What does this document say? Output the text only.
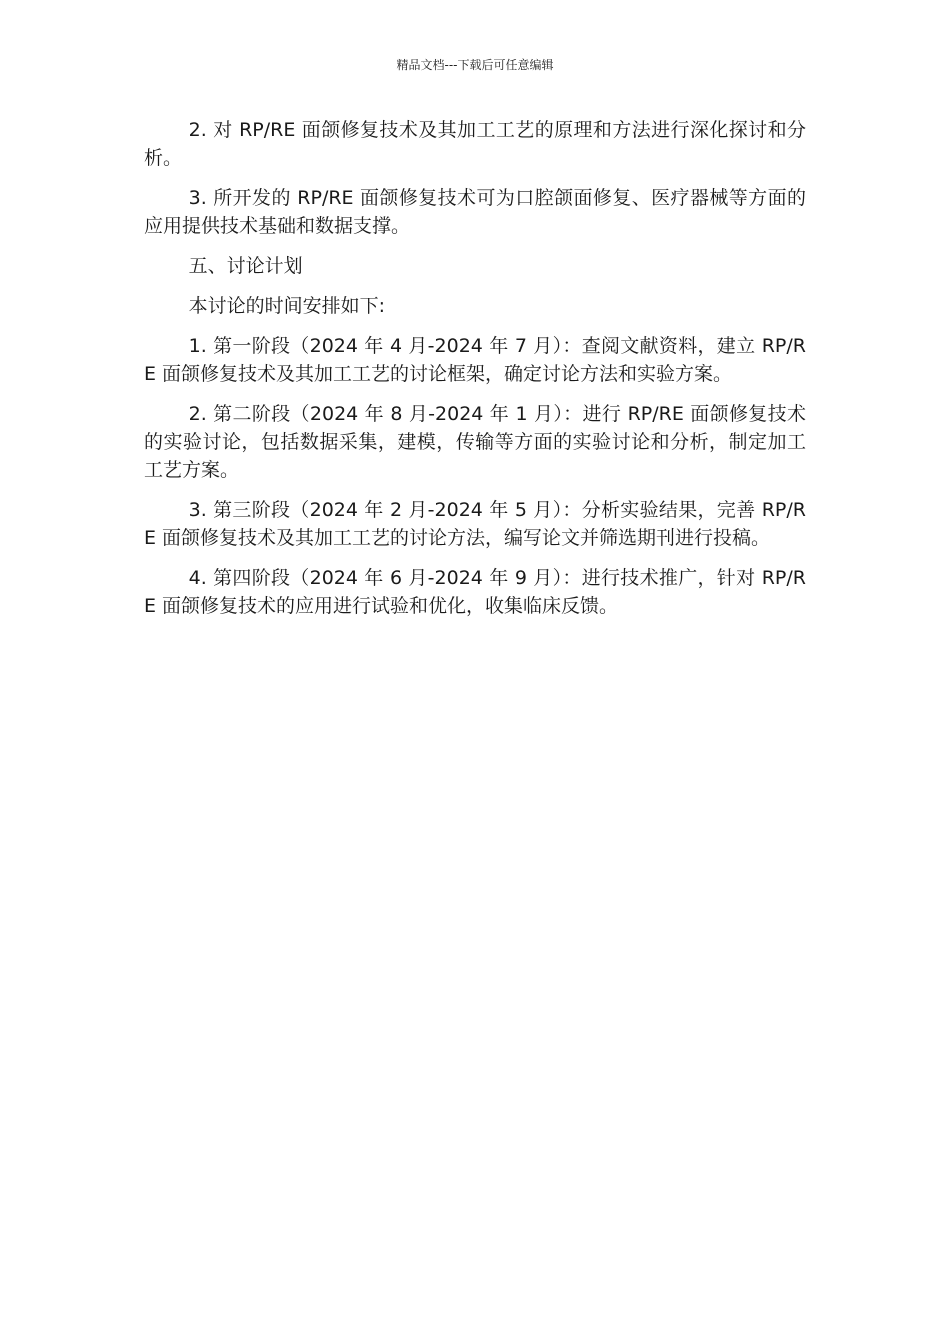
精品文档---下载后可任意编辑

2. 对 RP/RE 面颌修复技术及其加工工艺的原理和方法进行深化探讨和分析。

3. 所开发的 RP/RE 面颌修复技术可为口腔颌面修复、医疗器械等方面的应用提供技术基础和数据支撑。

五、讨论计划

本讨论的时间安排如下:

1. 第一阶段（2024 年 4 月-2024 年 7 月）：查阅文献资料，建立 RP/RE 面颌修复技术及其加工工艺的讨论框架，确定讨论方法和实验方案。

2. 第二阶段（2024 年 8 月-2024 年 1 月）：进行 RP/RE 面颌修复技术的实验讨论，包括数据采集，建模，传输等方面的实验讨论和分析，制定加工工艺方案。

3. 第三阶段（2024 年 2 月-2024 年 5 月）：分析实验结果，完善 RP/RE 面颌修复技术及其加工工艺的讨论方法，编写论文并筛选期刊进行投稿。

4. 第四阶段（2024 年 6 月-2024 年 9 月）：进行技术推广，针对 RP/RE 面颌修复技术的应用进行试验和优化，收集临床反馈。
